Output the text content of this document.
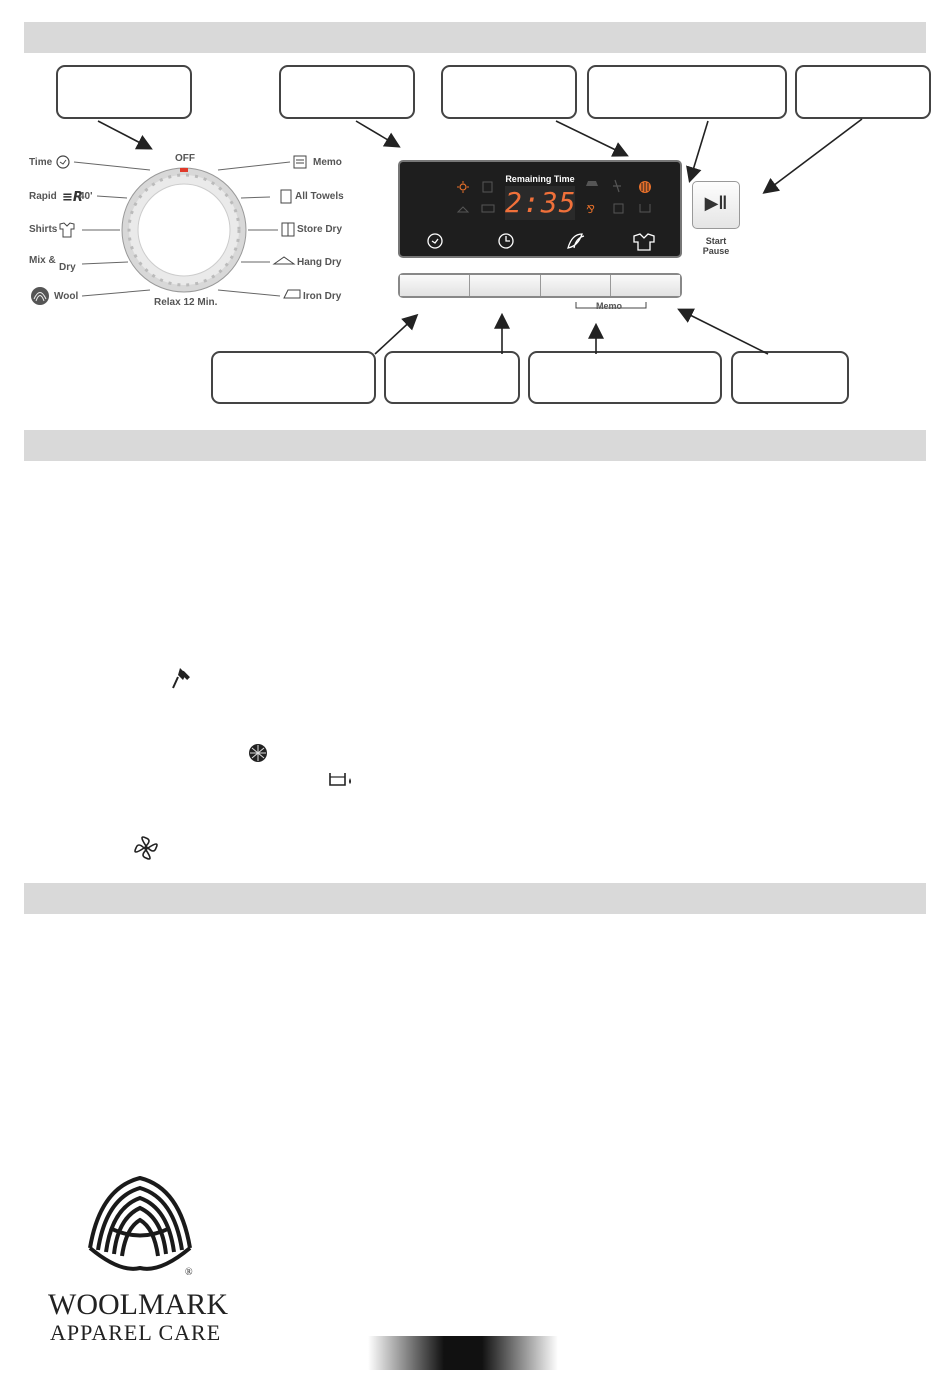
≡R
OFF
Relax 12 Min.
Time
Rapid 40'
Shirts
Mix &
Dry
Wool
Memo
All Towels
Store Dry
Hang Dry
Iron Dry
Remaining Time
⅋
2:35
Memo
▶‖
Start
Pause
®
WOOLMARK
APPAREL CARE
